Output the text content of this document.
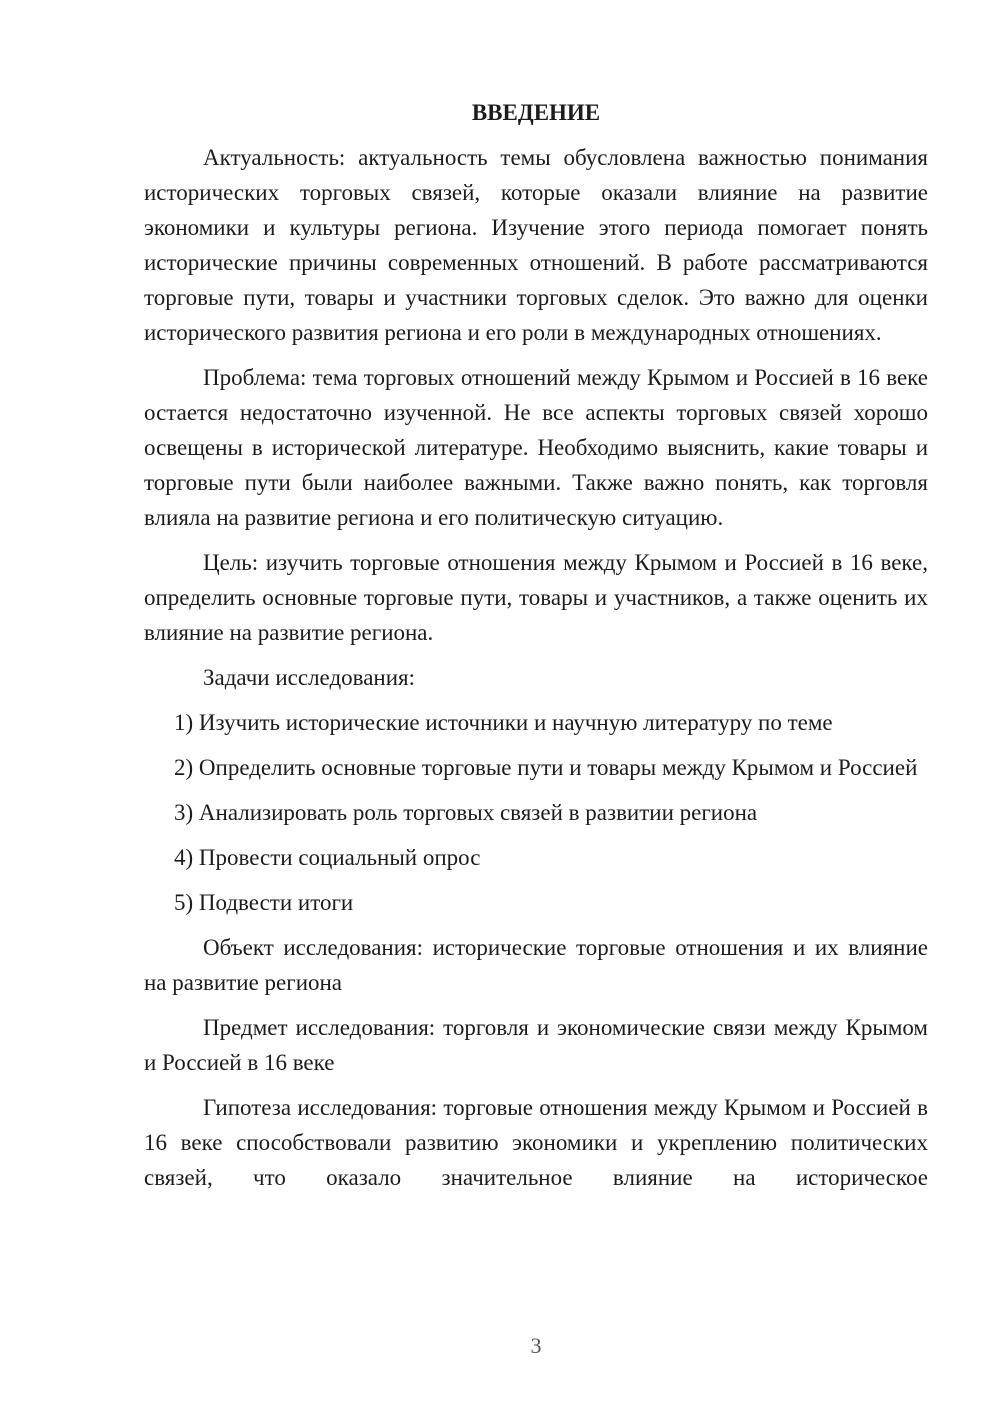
ВВЕДЕНИЕ

Актуальность: актуальность темы обусловлена важностью понимания исторических торговых связей, которые оказали влияние на развитие экономики и культуры региона. Изучение этого периода помогает понять исторические причины современных отношений. В работе рассматриваются торговые пути, товары и участники торговых сделок. Это важно для оценки исторического развития региона и его роли в международных отношениях.

Проблема: тема торговых отношений между Крымом и Россией в 16 веке остается недостаточно изученной. Не все аспекты торговых связей хорошо освещены в исторической литературе. Необходимо выяснить, какие товары и торговые пути были наиболее важными. Также важно понять, как торговля влияла на развитие региона и его политическую ситуацию.

Цель: изучить торговые отношения между Крымом и Россией в 16 веке, определить основные торговые пути, товары и участников, а также оценить их влияние на развитие региона.

Задачи исследования:

1) Изучить исторические источники и научную литературу по теме

2) Определить основные торговые пути и товары между Крымом и Россией

3) Анализировать роль торговых связей в развитии региона

4) Провести социальный опрос

5) Подвести итоги

Объект исследования: исторические торговые отношения и их влияние на развитие региона

Предмет исследования: торговля и экономические связи между Крымом и Россией в 16 веке

Гипотеза исследования: торговые отношения между Крымом и Россией в 16 веке способствовали развитию экономики и укреплению политических связей, что оказало значительное влияние на историческое

3
